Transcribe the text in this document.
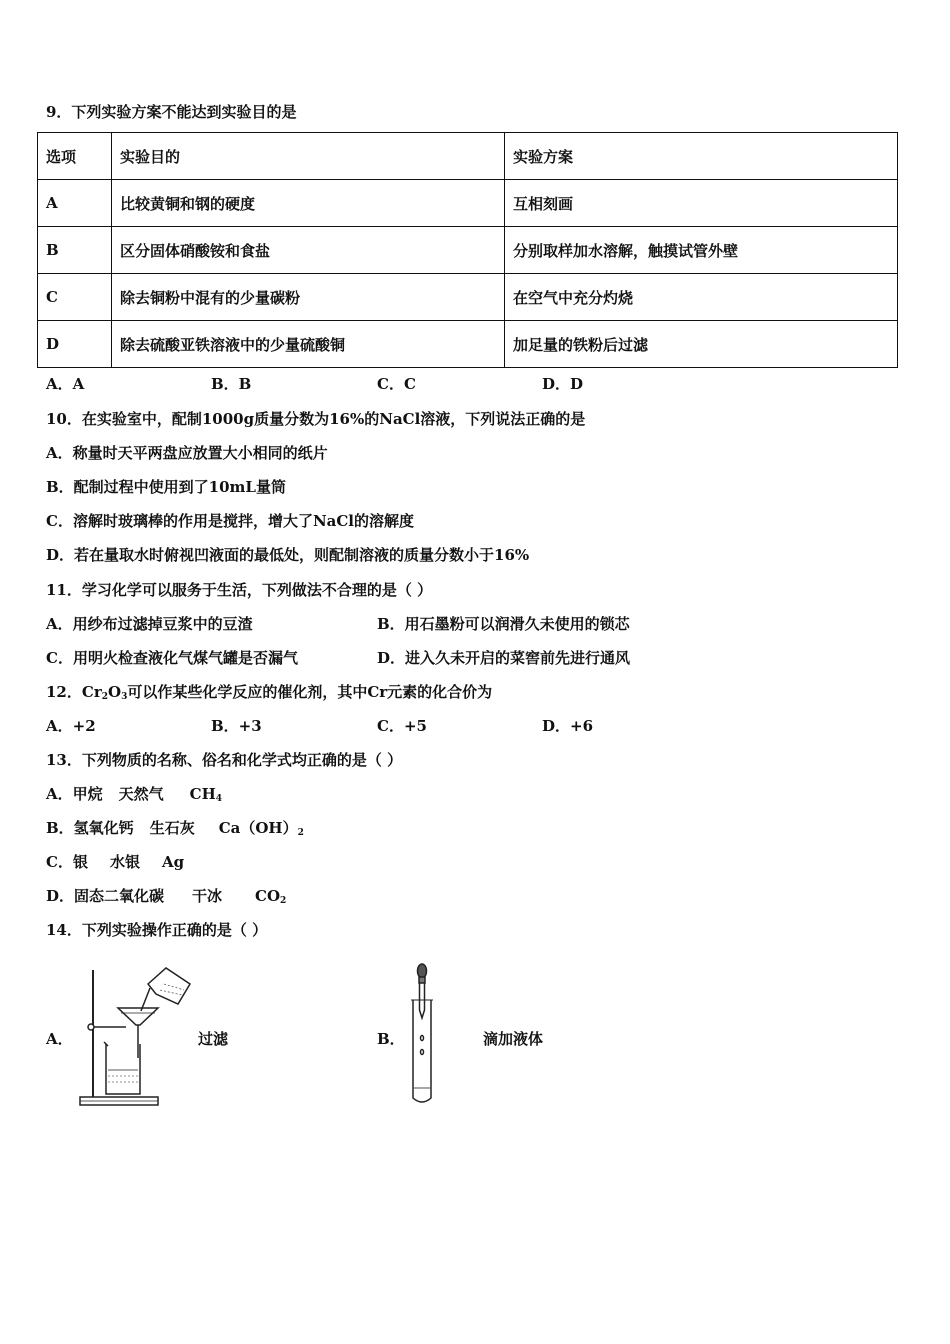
9．下列实验方案不能达到实验目的是
选项	实验目的	实验方案
A	比较黄铜和钢的硬度	互相刻画
B	区分固体硝酸铵和食盐	分别取样加水溶解，触摸试管外壁
C	除去铜粉中混有的少量碳粉	在空气中充分灼烧
D	除去硫酸亚铁溶液中的少量硫酸铜	加足量的铁粉后过滤
A．A	B．B	C．C	D．D
10．在实验室中，配制1000g质量分数为16%的NaCl溶液，下列说法正确的是
A．称量时天平两盘应放置大小相同的纸片
B．配制过程中使用到了10mL量筒
C．溶解时玻璃棒的作用是搅拌，增大了NaCl的溶解度
D．若在量取水时俯视凹液面的最低处，则配制溶液的质量分数小于16%
11．学习化学可以服务于生活，下列做法不合理的是（ ）
A．用纱布过滤掉豆浆中的豆渣	B．用石墨粉可以润滑久未使用的锁芯
C．用明火检查液化气煤气罐是否漏气	D．进入久未开启的菜窖前先进行通风
12．$Cr_2O_3$可以作某些化学反应的催化剂，其中Cr元素的化合价为
A．+2	B．+3	C．+5	D．+6
13．下列物质的名称、俗名和化学式均正确的是（ ）
A．甲烷 天然气 $CH_4$
B．氢氧化钙 生石灰 $Ca(OH)_2$
C．银 水银 Ag
D．固态二氧化碳 干冰 $CO_2$
14．下列实验操作正确的是（ ）
A．	过滤	B．	滴加液体
